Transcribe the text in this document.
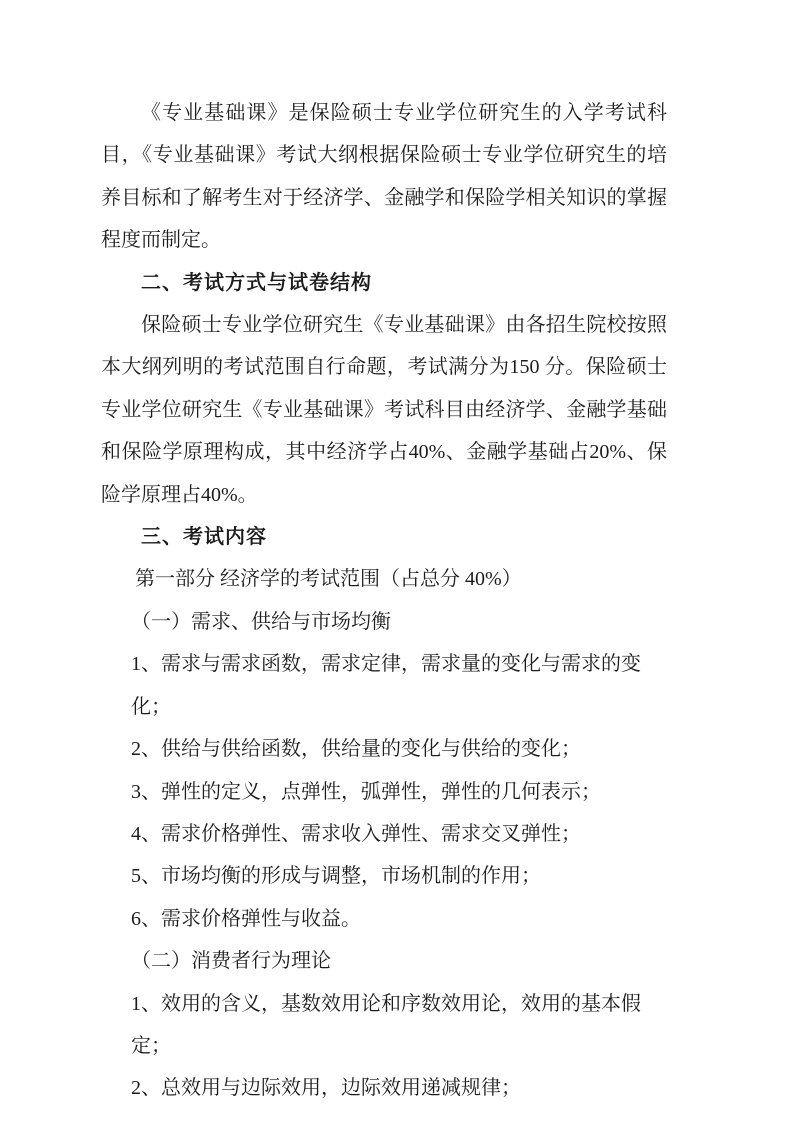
《专业基础课》是保险硕士专业学位研究生的入学考试科目，《专业基础课》考试大纲根据保险硕士专业学位研究生的培养目标和了解考生对于经济学、金融学和保险学相关知识的掌握程度而制定。

二、考试方式与试卷结构

保险硕士专业学位研究生《专业基础课》由各招生院校按照本大纲列明的考试范围自行命题，考试满分为150 分。保险硕士专业学位研究生《专业基础课》考试科目由经济学、金融学基础和保险学原理构成，其中经济学占40%、金融学基础占20%、保险学原理占40%。

三、考试内容

第一部分 经济学的考试范围（占总分 40%）

（一）需求、供给与市场均衡

1、需求与需求函数，需求定律，需求量的变化与需求的变化；

2、供给与供给函数，供给量的变化与供给的变化；

3、弹性的定义，点弹性，弧弹性，弹性的几何表示；

4、需求价格弹性、需求收入弹性、需求交叉弹性；

5、市场均衡的形成与调整，市场机制的作用；

6、需求价格弹性与收益。

（二）消费者行为理论

1、效用的含义，基数效用论和序数效用论，效用的基本假定；

2、总效用与边际效用，边际效用递减规律；
